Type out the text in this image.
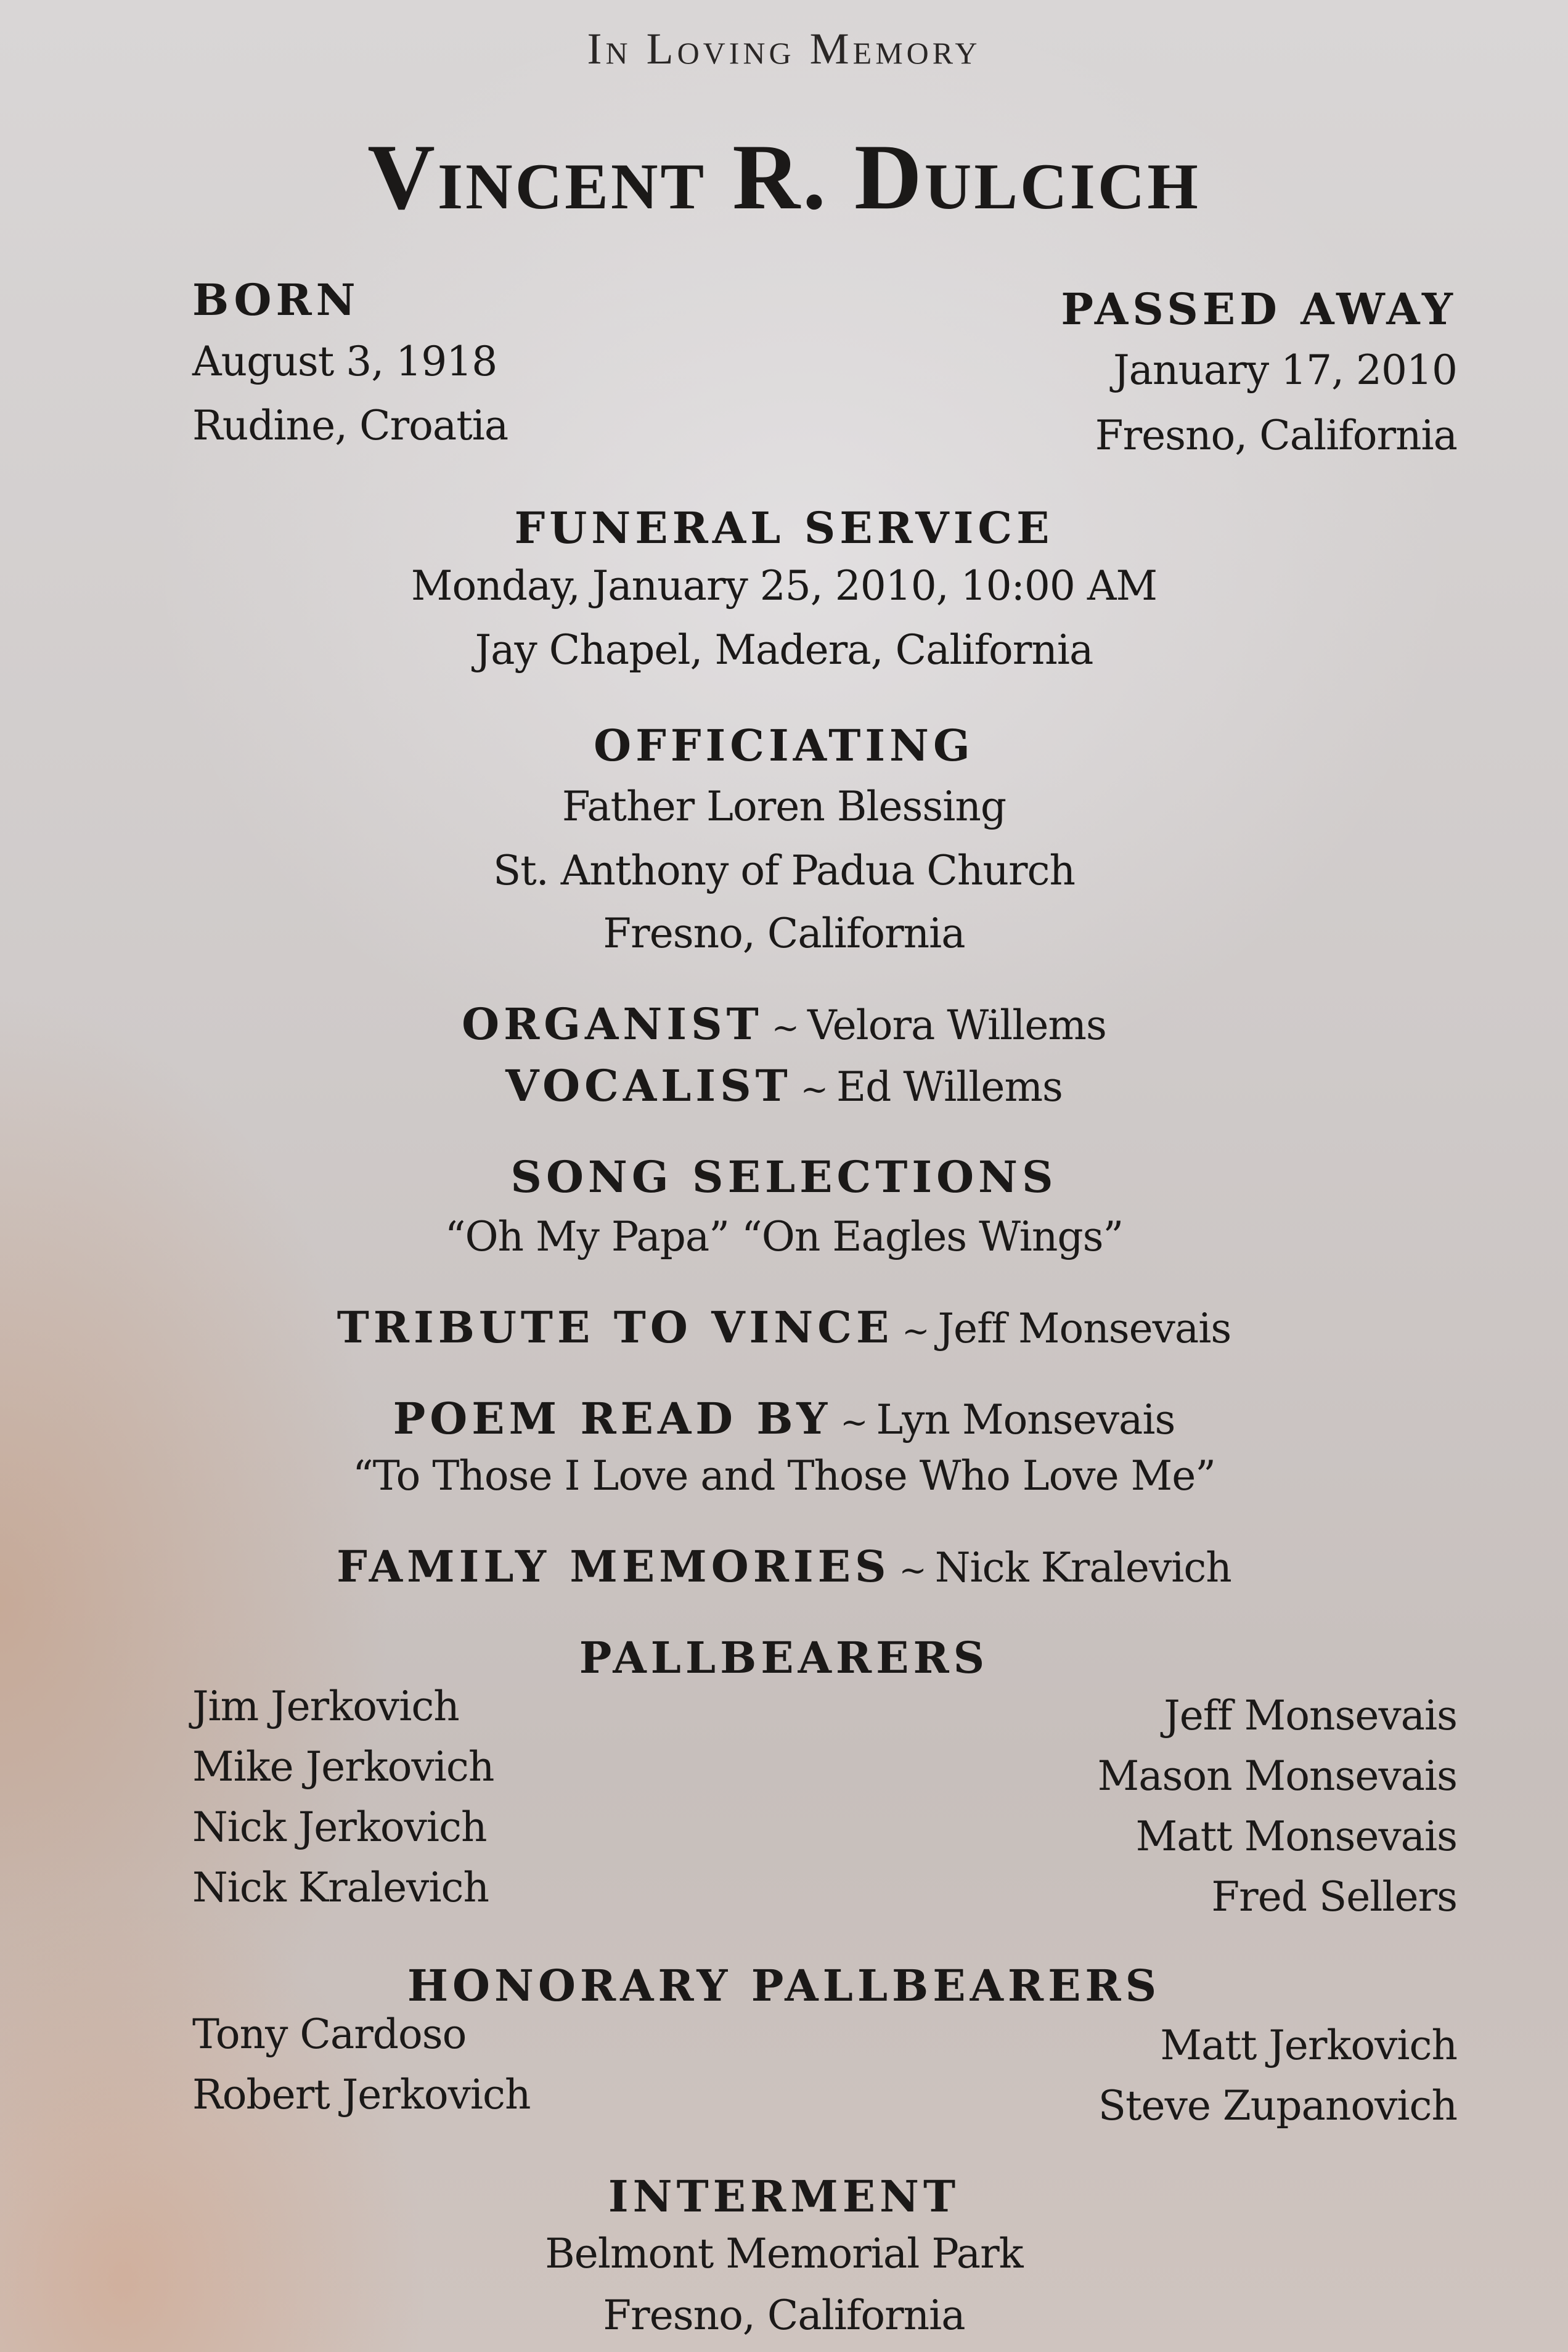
In Loving Memory
Vincent R. Dulcich
BORN
August 3, 1918
Rudine, Croatia
PASSED AWAY
January 17, 2010
Fresno, California
FUNERAL SERVICE
Monday, January 25, 2010, 10:00 AM
Jay Chapel, Madera, California
OFFICIATING
Father Loren Blessing
St. Anthony of Padua Church
Fresno, California
ORGANIST ~ Velora Willems
VOCALIST ~ Ed Willems
SONG SELECTIONS
“Oh My Papa” “On Eagles Wings”
TRIBUTE TO VINCE ~ Jeff Monsevais
POEM READ BY ~ Lyn Monsevais
“To Those I Love and Those Who Love Me”
FAMILY MEMORIES ~ Nick Kralevich
PALLBEARERS
Jim Jerkovich
Mike Jerkovich
Nick Jerkovich
Nick Kralevich
Jeff Monsevais
Mason Monsevais
Matt Monsevais
Fred Sellers
HONORARY PALLBEARERS
Tony Cardoso
Robert Jerkovich
Matt Jerkovich
Steve Zupanovich
INTERMENT
Belmont Memorial Park
Fresno, California
